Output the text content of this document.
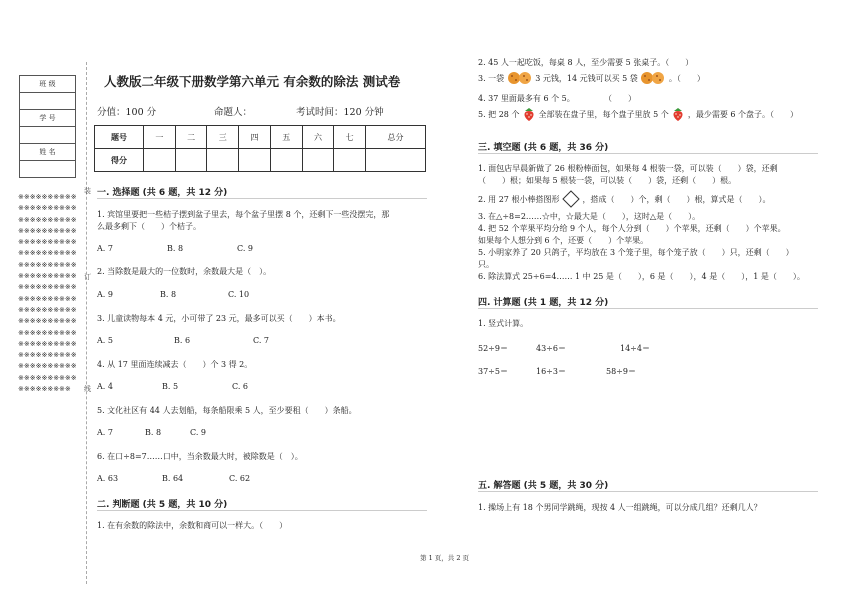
班 级

学 号

姓 名

※※※※※※※※※※※※※※※※※※※※※※※※※※※※※※※※※※※※※※※※※※※※※※※※※※※※※※※※※※※※※※※※※※※※※※※※※※※※※※※※※※※※※※※※※※※※※※※※※※※※※※※※※※※※※※※※※※※※※※※※※※※※※※※※※※※※※※※※※※※※※※※※※※※※※※※※※※※※※※※※※※※※※※※※※※※※※※※※※※※
装
订
线
人教版二年级下册数学第六单元 有余数的除法 测试卷
分值：100 分	命题人：	考试时间：120 分钟
题号	一	二	三	四	五	六	七	总分
得分								
一. 选择题 (共 6 题，共 12 分)
1. 宾馆里要把一些桔子摆到盆子里去，每个盆子里摆 8 个，还剩下一些没摆完，那
么最多剩下（　　）个桔子。
A. 7	B. 8	C. 9
2. 当除数是最大的一位数时，余数最大是（　）。
A. 9	B. 8	C. 10
3. 儿童读物每本 4 元，小可带了 23 元，最多可以买（　　）本书。
A. 5	B. 6	C. 7
4. 从 17 里面连续减去（　　）个 3 得 2。
A. 4	B. 5	C. 6
5. 文化社区有 44 人去划船，每条船限乘 5 人，至少要租（　　）条船。
A. 7	B. 8	C. 9
6. 在口÷8=7……口中，当余数最大时，被除数是（　）。
A. 63	B. 64	C. 62
二. 判断题 (共 5 题，共 10 分)
1. 在有余数的除法中，余数和商可以一样大。（　　）
2. 45 人一起吃饭，每桌 8 人，至少需要 5 张桌子。（　　）
3. 一袋	3 元钱，14 元钱可以买 5 袋	。（　　）
4. 37 里面最多有 6 个 5。	（　　）
5. 把 28 个 全部装在盘子里，每个盘子里放 5 个 ，最少需要 6 个盘子。（　　）
三. 填空题 (共 6 题，共 36 分)
1. 面包店早晨新做了 26 根粉棒面包，如果每 4 根装一袋，可以装（　　）袋，还剩
（　　）根；如果每 5 根装一袋，可以装（　　）袋，还剩（　　）根。
2. 用 27 根小棒搭图形	，搭成（　　）个，剩（　　）根，算式是（　　）。
3. 在△÷8=2……☆中，☆最大是（　　），这时△是（　　）。
4. 把 52 个苹果平均分给 9 个人，每个人分到（　　）个苹果，还剩（　　）个苹果。
如果每个人想分到 6 个，还要（　　）个苹果。
5. 小明家养了 20 只鸽子，平均放在 3 个笼子里，每个笼子放（　　）只，还剩（　　）
只。
6. 除法算式 25÷6=4…… 1 中 25 是（　　），6 是（　　），4 是（　　），1 是（　　）。
四. 计算题 (共 1 题，共 12 分)
1. 竖式计算。
52÷9＝	43÷6＝	14÷4＝
37÷5＝	16÷3＝	58÷9＝
五. 解答题 (共 5 题，共 30 分)
1. 操场上有 18 个男同学跳绳，现按 4 人一组跳绳，可以分成几组？还剩几人？
第 1 页，共 2 页
